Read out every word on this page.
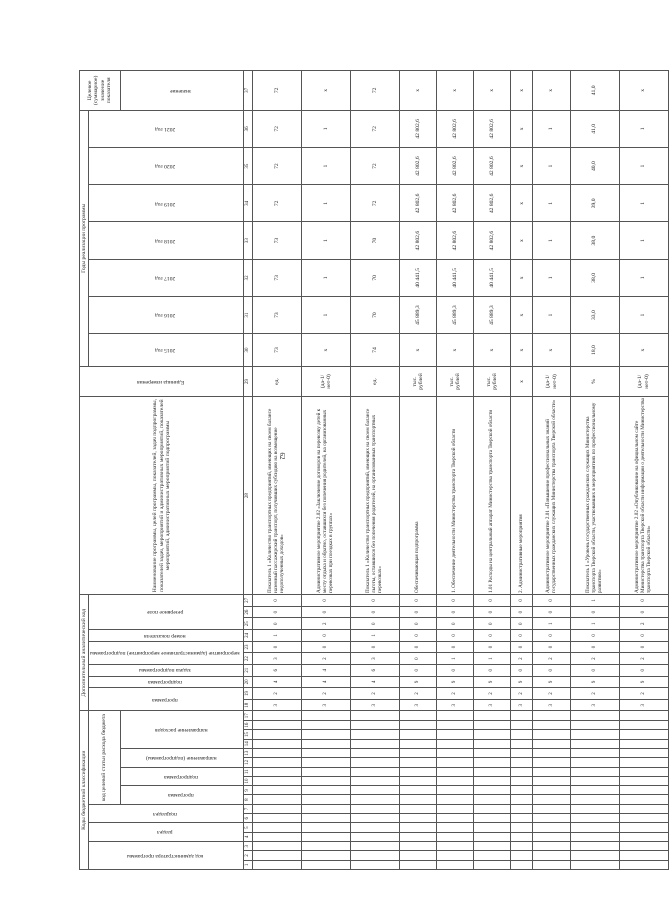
62
Коды бюджетной классификации																	Дополнительный аналитический код										Наименование программы, целей программы, показателей, задач подпрограммы, показателей задач, мероприятий и административных мероприятий, показателей мероприятий, административных мероприятий подпрограммы	Единица измерения	Годы реализации программы							Целевое (суммарное) значение показателя
код администратора программы			раздел		подраздел		код целевой статьи расхода бюджета										программа		подпрограмма	задача подпрограммы	мероприятие (административное мероприятие) подпрограммы		номер показателя	резервное поле					2015 год	2016 год	2017 год	2018 год	2019 год	2020 год	2021 год	
							программа		подпрограмма		направление (подпрограммы)		направление расходов																							значение
1	2	3	4	5	6	7	8	9	10	11	12	13	14	15	16	17	18	19	20	21	22	23	24	25	26	27	28	29	30	31	32	33	34	35	36	37
																	3	2	4	6	3	0	1	0	0	0	Показатель 1 «Количество транспортных предприятий, имеющих на своем балансе наземный пассажирский транспорт, получивших субсидию на возмещение недополученных доходов»	ед.	73	73	73	73	72	72	72	72
																	3	2	4	4	2	0	0	2	0	0	Административное мероприятие 2.02 «Заключение договоров на перевозку детей к месту отдыха и обратно, оставшихся без попечения родителей, на организованных перевозках при поездках в группах»	(да-1/нет-0)	x	1	1	1	1	1	1	x
																	3	2	4	6	3	0	1	0	0	0	Показатель 1 «Количество транспортных предприятий, имеющих на своем балансе льготы, оставшихся без попечения родителей, на организованных транспортных перевозках»	ед.	74	70	70	70	72	72	72	72
																	3	2	9	0	0	0	0	0	0	0	Обеспечивающая подпрограмма	тыс. рублей	x	45 889,3	40 441,5	42 802,6	42 802,6	42 802,6	42 802,6	x
																	3	2	9	0	1	0	0	0	0	0	1. Обеспечение деятельности Министерства транспорта Тверской области	тыс. рублей	x	45 889,3	40 441,5	42 802,6	42 802,6	42 802,6	42 802,6	x
																	3	2	9	0	1	0	0	0	0	0	1.01 Расходы на центральный аппарат Министерства транспорта Тверской области	тыс. рублей	x	45 889,3	40 441,5	42 802,6	42 802,6	42 802,6	42 802,6	x
																	3	2	9	0	2	0	0	0	0	0	2. Административные мероприятия	x	x	x	x	x	x	x	x	x
																	3	2	9	0	2	0	0	1	0	0	Административное мероприятие 2.01 «Повышение профессиональных знаний государственных гражданских служащих Министерства транспорта Тверской области»	(да-1/нет-0)	x	1	1	1	1	1	1	x
																	3	2	9	0	2	0	0	1	0	1	Показатель 1 «Уровень государственных гражданских служащих Министерства транспорта Тверской области, участвовавших в мероприятиях по профессиональному развитию»	%	18,0	33,0	38,0	38,0	39,0	40,0	41,0	41,0
																	3	2	9	0	2	0	0	2	0	0	Административное мероприятие 2.02 «Опубликование на официальном сайте Министерства транспорта Тверской области информации о деятельности Министерства транспорта Тверской области»	(да-1/нет-0)	x	1	1	1	1	1	1	x
